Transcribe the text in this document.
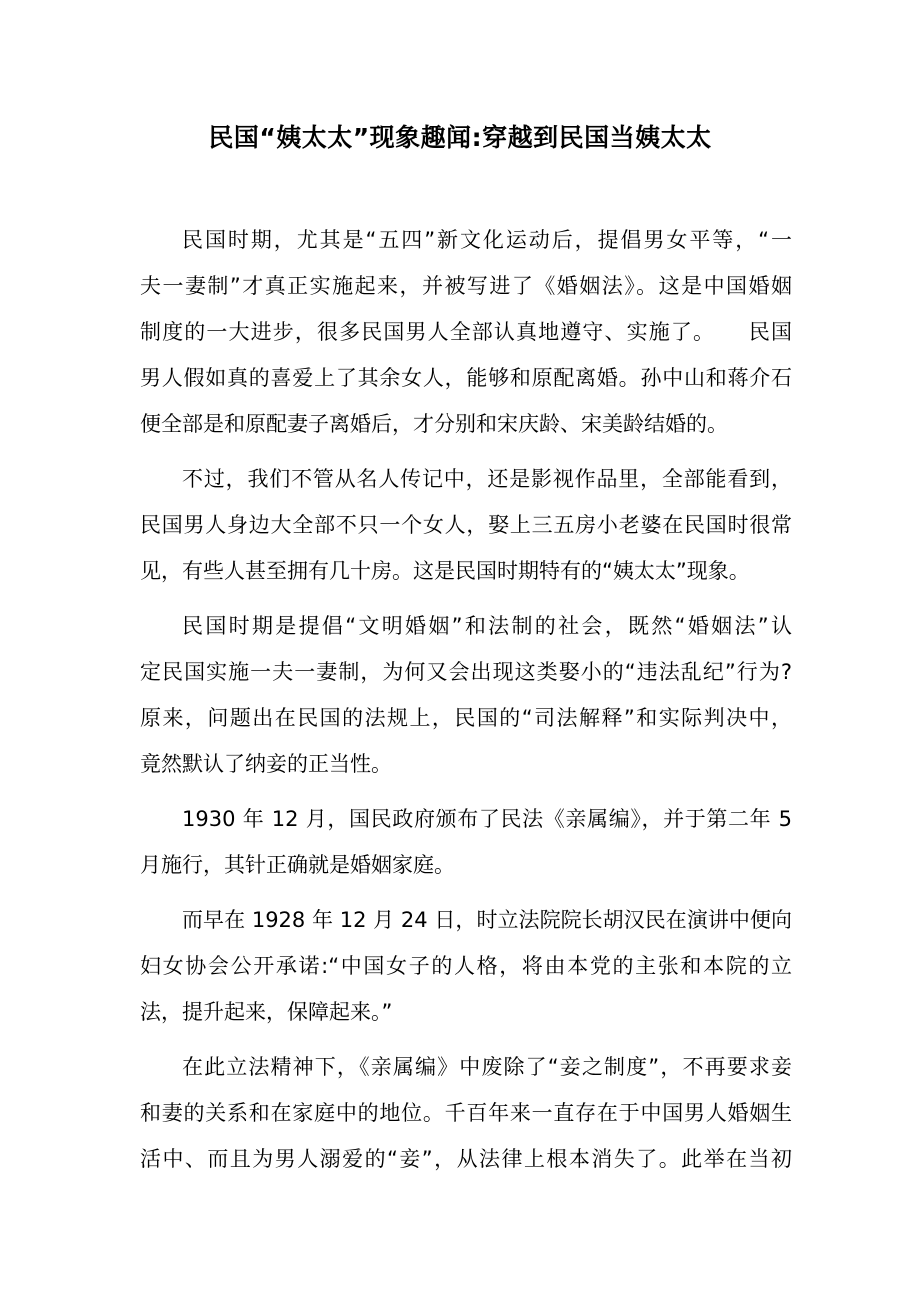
民国“姨太太”现象趣闻:穿越到民国当姨太太
民国时期，尤其是“五四”新文化运动后，提倡男女平等，“一
夫一妻制”才真正实施起来，并被写进了《婚姻法》。这是中国婚姻
制度的一大进步，很多民国男人全部认真地遵守、实施了。　　民国
男人假如真的喜爱上了其余女人，能够和原配离婚。孙中山和蒋介石
便全部是和原配妻子离婚后，才分别和宋庆龄、宋美龄结婚的。
不过，我们不管从名人传记中，还是影视作品里，全部能看到，
民国男人身边大全部不只一个女人，娶上三五房小老婆在民国时很常
见，有些人甚至拥有几十房。这是民国时期特有的“姨太太”现象。
民国时期是提倡“文明婚姻”和法制的社会，既然“婚姻法”认
定民国实施一夫一妻制，为何又会出现这类娶小的“违法乱纪”行为?
原来，问题出在民国的法规上，民国的“司法解释”和实际判决中，
竟然默认了纳妾的正当性。
1930 年 12 月，国民政府颁布了民法《亲属编》，并于第二年 5
月施行，其针正确就是婚姻家庭。
而早在 1928 年 12 月 24 日，时立法院院长胡汉民在演讲中便向
妇女协会公开承诺:“中国女子的人格，将由本党的主张和本院的立
法，提升起来，保障起来。”
在此立法精神下，《亲属编》中废除了“妾之制度”，不再要求妾
和妻的关系和在家庭中的地位。千百年来一直存在于中国男人婚姻生
活中、而且为男人溺爱的“妾”，从法律上根本消失了。此举在当初
